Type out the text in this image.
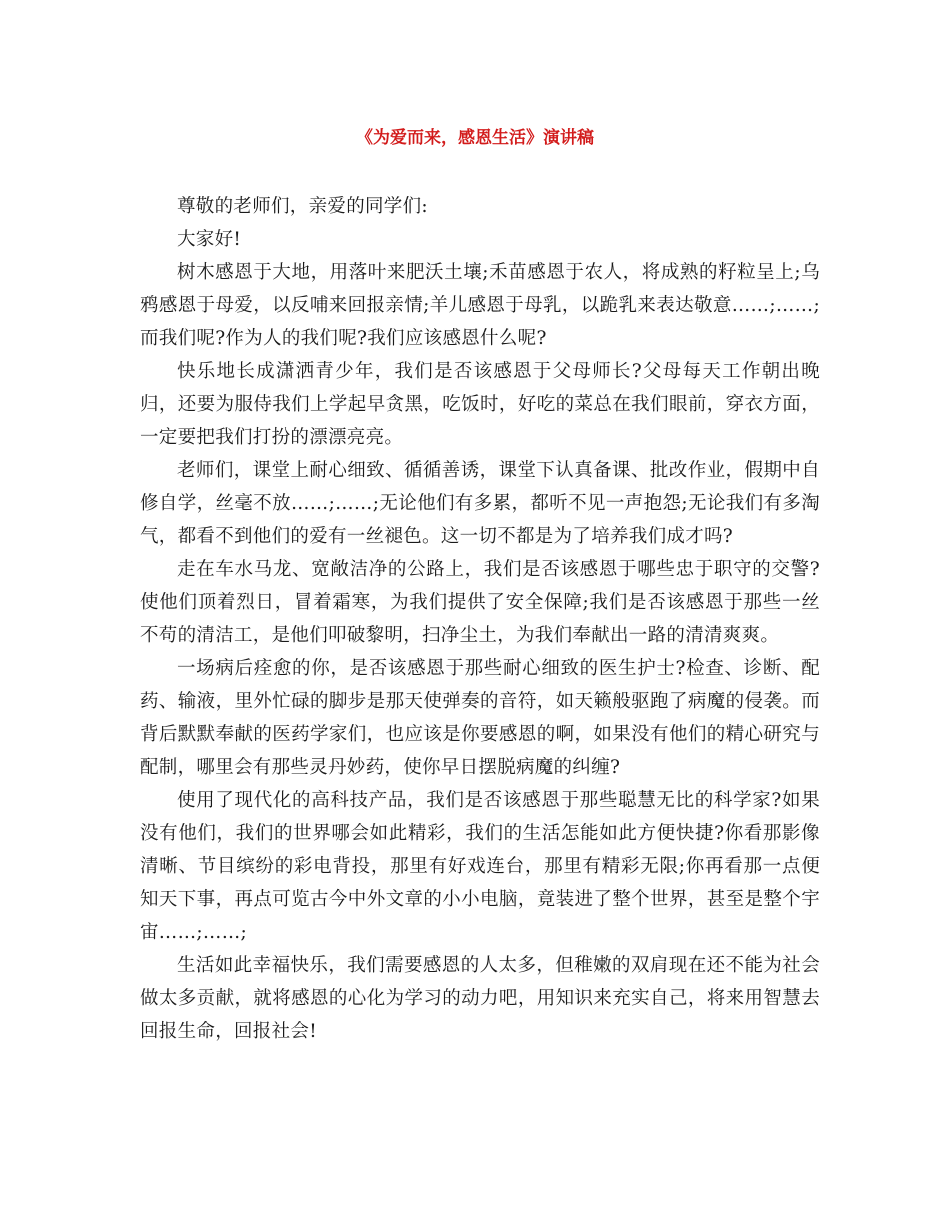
《为爱而来，感恩生活》演讲稿

尊敬的老师们，亲爱的同学们:

大家好!

树木感恩于大地，用落叶来肥沃土壤;禾苗感恩于农人，将成熟的籽粒呈上;乌鸦感恩于母爱，以反哺来回报亲情;羊儿感恩于母乳，以跪乳来表达敬意……;……;而我们呢?作为人的我们呢?我们应该感恩什么呢?

快乐地长成潇洒青少年，我们是否该感恩于父母师长?父母每天工作朝出晚归，还要为服侍我们上学起早贪黑，吃饭时，好吃的菜总在我们眼前，穿衣方面，一定要把我们打扮的漂漂亮亮。

老师们，课堂上耐心细致、循循善诱，课堂下认真备课、批改作业，假期中自修自学，丝毫不放……;……;无论他们有多累，都听不见一声抱怨;无论我们有多淘气，都看不到他们的爱有一丝褪色。这一切不都是为了培养我们成才吗?

走在车水马龙、宽敞洁净的公路上，我们是否该感恩于哪些忠于职守的交警?使他们顶着烈日，冒着霜寒，为我们提供了安全保障;我们是否该感恩于那些一丝不苟的清洁工，是他们叩破黎明，扫净尘土，为我们奉献出一路的清清爽爽。

一场病后痊愈的你，是否该感恩于那些耐心细致的医生护士?检查、诊断、配药、输液，里外忙碌的脚步是那天使弹奏的音符，如天籁般驱跑了病魔的侵袭。而背后默默奉献的医药学家们，也应该是你要感恩的啊，如果没有他们的精心研究与配制，哪里会有那些灵丹妙药，使你早日摆脱病魔的纠缠?

使用了现代化的高科技产品，我们是否该感恩于那些聪慧无比的科学家?如果没有他们，我们的世界哪会如此精彩，我们的生活怎能如此方便快捷?你看那影像清晰、节目缤纷的彩电背投，那里有好戏连台，那里有精彩无限;你再看那一点便知天下事，再点可览古今中外文章的小小电脑，竟装进了整个世界，甚至是整个宇宙……;……;

生活如此幸福快乐，我们需要感恩的人太多，但稚嫩的双肩现在还不能为社会做太多贡献，就将感恩的心化为学习的动力吧，用知识来充实自己，将来用智慧去回报生命，回报社会!
